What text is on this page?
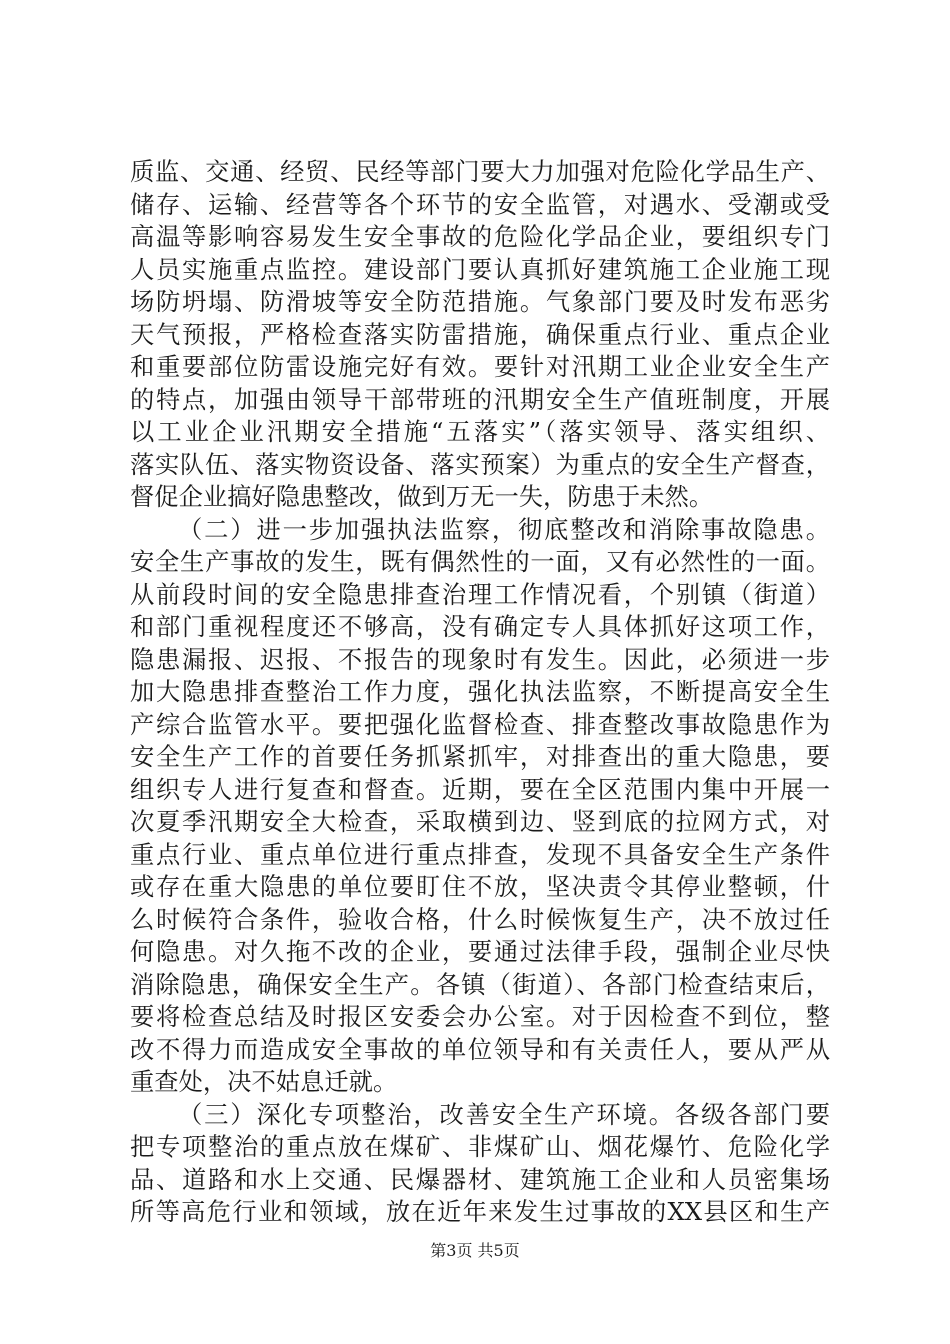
质监、交通、经贸、民经等部门要大力加强对危险化学品生产、
储存、运输、经营等各个环节的安全监管，对遇水、受潮或受
高温等影响容易发生安全事故的危险化学品企业，要组织专门
人员实施重点监控。建设部门要认真抓好建筑施工企业施工现
场防坍塌、防滑坡等安全防范措施。气象部门要及时发布恶劣
天气预报，严格检查落实防雷措施，确保重点行业、重点企业
和重要部位防雷设施完好有效。要针对汛期工业企业安全生产
的特点，加强由领导干部带班的汛期安全生产值班制度，开展
以工业企业汛期安全措施“五落实”（落实领导、落实组织、
落实队伍、落实物资设备、落实预案）为重点的安全生产督查，
督促企业搞好隐患整改，做到万无一失，防患于未然。
（二）进一步加强执法监察，彻底整改和消除事故隐患。
安全生产事故的发生，既有偶然性的一面，又有必然性的一面。
从前段时间的安全隐患排查治理工作情况看，个别镇（街道）
和部门重视程度还不够高，没有确定专人具体抓好这项工作，
隐患漏报、迟报、不报告的现象时有发生。因此，必须进一步
加大隐患排查整治工作力度，强化执法监察，不断提高安全生
产综合监管水平。要把强化监督检查、排查整改事故隐患作为
安全生产工作的首要任务抓紧抓牢，对排查出的重大隐患，要
组织专人进行复查和督查。近期，要在全区范围内集中开展一
次夏季汛期安全大检查，采取横到边、竖到底的拉网方式，对
重点行业、重点单位进行重点排查，发现不具备安全生产条件
或存在重大隐患的单位要盯住不放，坚决责令其停业整顿，什
么时候符合条件，验收合格，什么时候恢复生产，决不放过任
何隐患。对久拖不改的企业，要通过法律手段，强制企业尽快
消除隐患，确保安全生产。各镇（街道）、各部门检查结束后，
要将检查总结及时报区安委会办公室。对于因检查不到位，整
改不得力而造成安全事故的单位领导和有关责任人，要从严从
重查处，决不姑息迁就。
（三）深化专项整治，改善安全生产环境。各级各部门要
把专项整治的重点放在煤矿、非煤矿山、烟花爆竹、危险化学
品、道路和水上交通、民爆器材、建筑施工企业和人员密集场
所等高危行业和领域，放在近年来发生过事故的XX县区和生产
第3页 共5页
